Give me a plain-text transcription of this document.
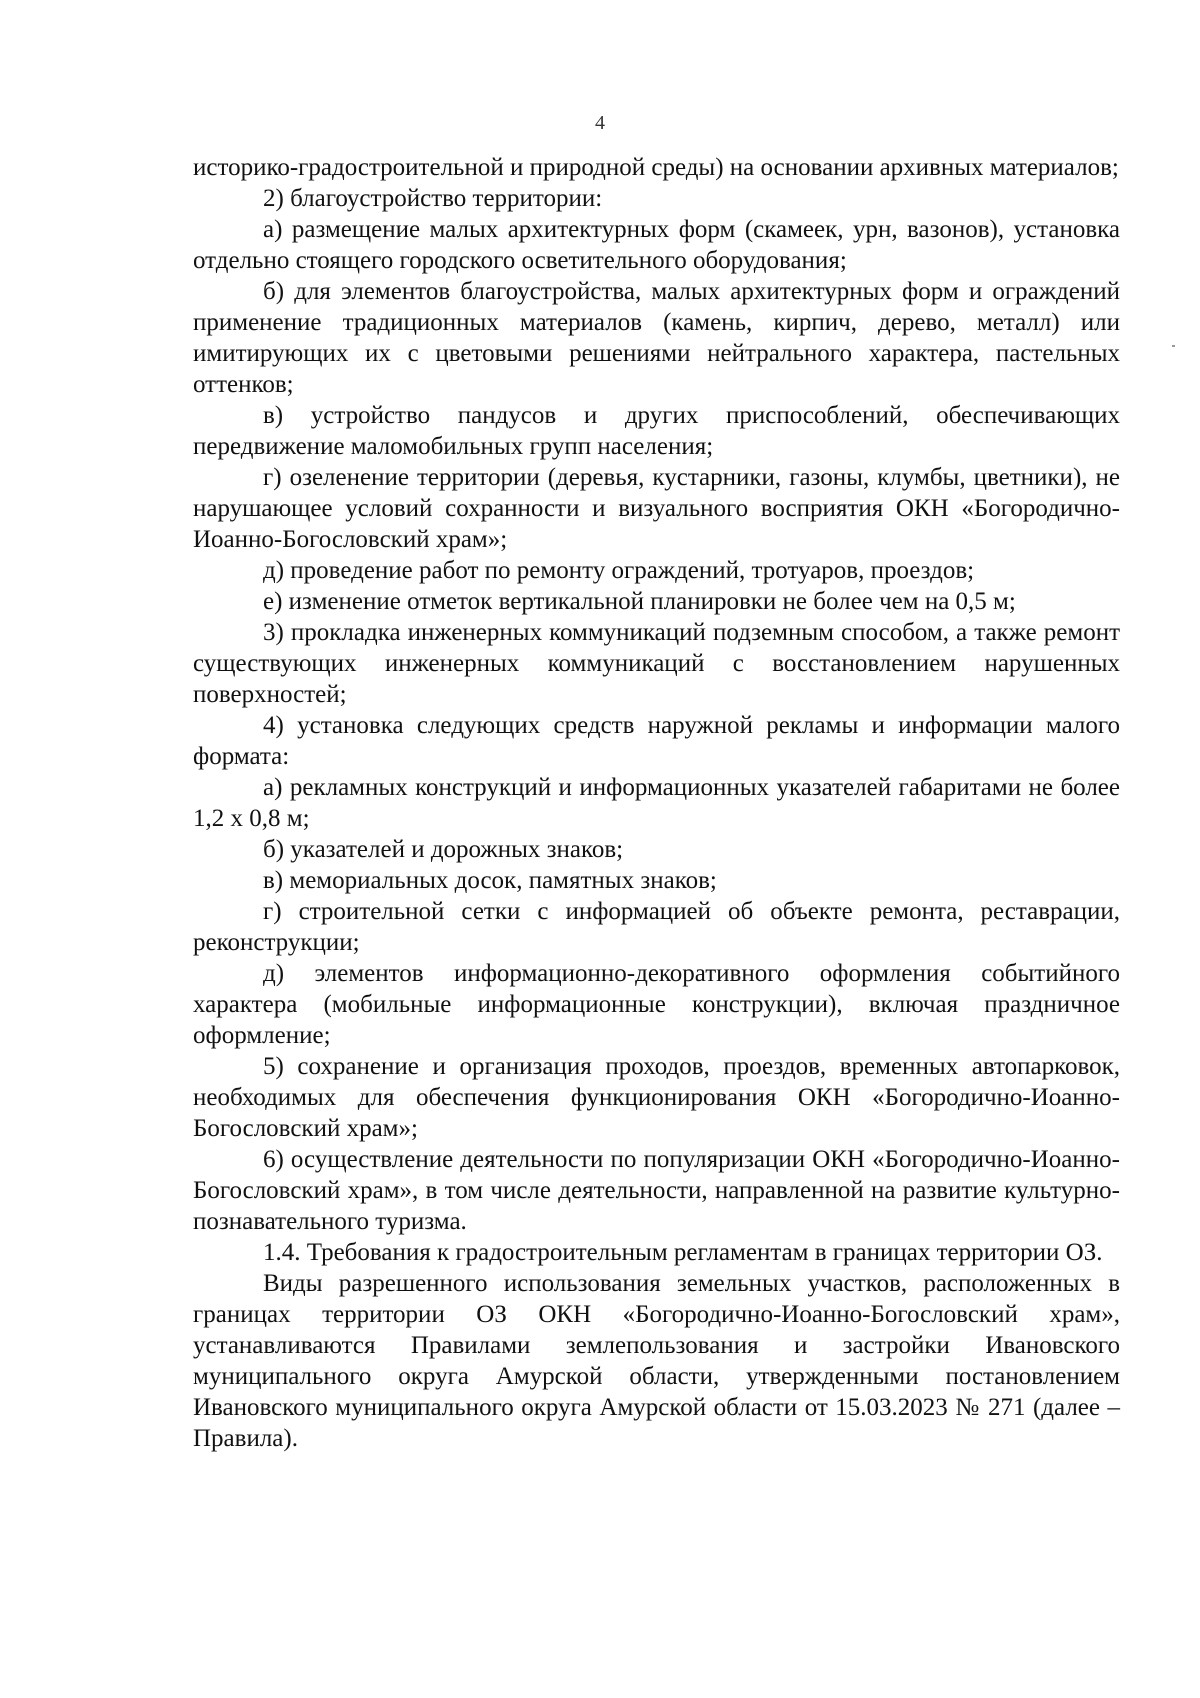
4

историко-градостроительной и природной среды) на основании архивных материалов;

2) благоустройство территории:

а) размещение малых архитектурных форм (скамеек, урн, вазонов), установка отдельно стоящего городского осветительного оборудования;

б) для элементов благоустройства, малых архитектурных форм и ограждений применение традиционных материалов (камень, кирпич, дерево, металл) или имитирующих их с цветовыми решениями нейтрального характера, пастельных оттенков;

в) устройство пандусов и других приспособлений, обеспечивающих передвижение маломобильных групп населения;

г) озеленение территории (деревья, кустарники, газоны, клумбы, цветники), не нарушающее условий сохранности и визуального восприятия ОКН «Богородично-Иоанно-Богословский храм»;

д) проведение работ по ремонту ограждений, тротуаров, проездов;

е) изменение отметок вертикальной планировки не более чем на 0,5 м;

3) прокладка инженерных коммуникаций подземным способом, а также ремонт существующих инженерных коммуникаций с восстановлением нарушенных поверхностей;

4) установка следующих средств наружной рекламы и информации малого формата:

а) рекламных конструкций и информационных указателей габаритами не более 1,2 х 0,8 м;

б) указателей и дорожных знаков;

в) мемориальных досок, памятных знаков;

г) строительной сетки с информацией об объекте ремонта, реставрации, реконструкции;

д) элементов информационно-декоративного оформления событийного характера (мобильные информационные конструкции), включая праздничное оформление;

5) сохранение и организация проходов, проездов, временных автопарковок, необходимых для обеспечения функционирования ОКН «Богородично-Иоанно-Богословский храм»;

6) осуществление деятельности по популяризации ОКН «Богородично-Иоанно-Богословский храм», в том числе деятельности, направленной на развитие культурно-познавательного туризма.

1.4. Требования к градостроительным регламентам в границах территории ОЗ.

Виды разрешенного использования земельных участков, расположенных в границах территории ОЗ ОКН «Богородично-Иоанно-Богословский храм», устанавливаются Правилами землепользования и застройки Ивановского муниципального округа Амурской области, утвержденными постановлением Ивановского муниципального округа Амурской области от 15.03.2023 № 271 (далее – Правила).
